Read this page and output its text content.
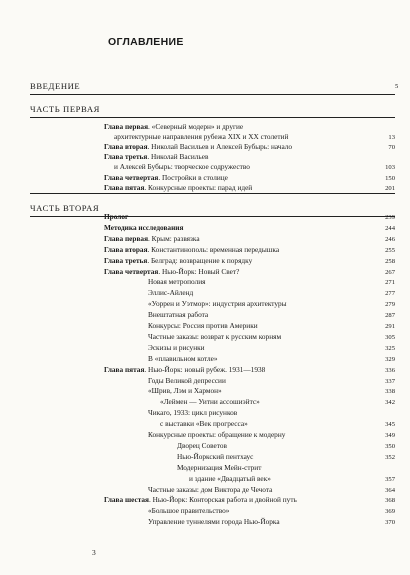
ОГЛАВЛЕНИЕ
ВВЕДЕНИЕ	5
ЧАСТЬ ПЕРВАЯ
Глава первая. «Северный модерн» и другие
архитектурные направления рубежа XIX и XX столетий	13
Глава вторая. Николай Васильев и Алексей Бубырь: начало	70
Глава третья. Николай Васильев
и Алексей Бубырь: творческое содружество	103
Глава четвертая. Постройки в столице	150
Глава пятая. Конкурсные проекты: парад идей	201
ЧАСТЬ ВТОРАЯ
Пролог	239
Методика исследования	244
Глава первая. Крым: развязка	246
Глава вторая. Константинополь: временная передышка	255
Глава третья. Белград: возвращение к порядку	258
Глава четвертая. Нью-Йорк: Новый Свет?	267
Новая метрополия	271
Эллис-Айленд	277
«Уоррен и Уэтмор»: индустрия архитектуры	279
Внештатная работа	287
Конкурсы: Россия против Америки	291
Частные заказы: возврат к русским корням	305
Эскизы и рисунки	325
В «плавильном котле»	329
Глава пятая. Нью-Йорк: новый рубеж. 1931—1938	336
Годы Великой депрессии	337
«Шрив, Лэм и Хармон»	338
«Леймен — Уитни ассошиэйтс»	342
Чикаго, 1933: цикл рисунков
с выставки «Век прогресса»	345
Конкурсные проекты: обращение к модерну	349
Дворец Советов	350
Нью-Йоркский пентхаус	352
Модернизация Мейн-стрит
и здание «Двадцатый век»	357
Частные заказы: дом Виктора де Чечота	364
Глава шестая. Нью-Йорк: Конторская работа и двойной путь	368
«Большое правительство»	369
Управление туннелями города Нью-Йорка	370
3
